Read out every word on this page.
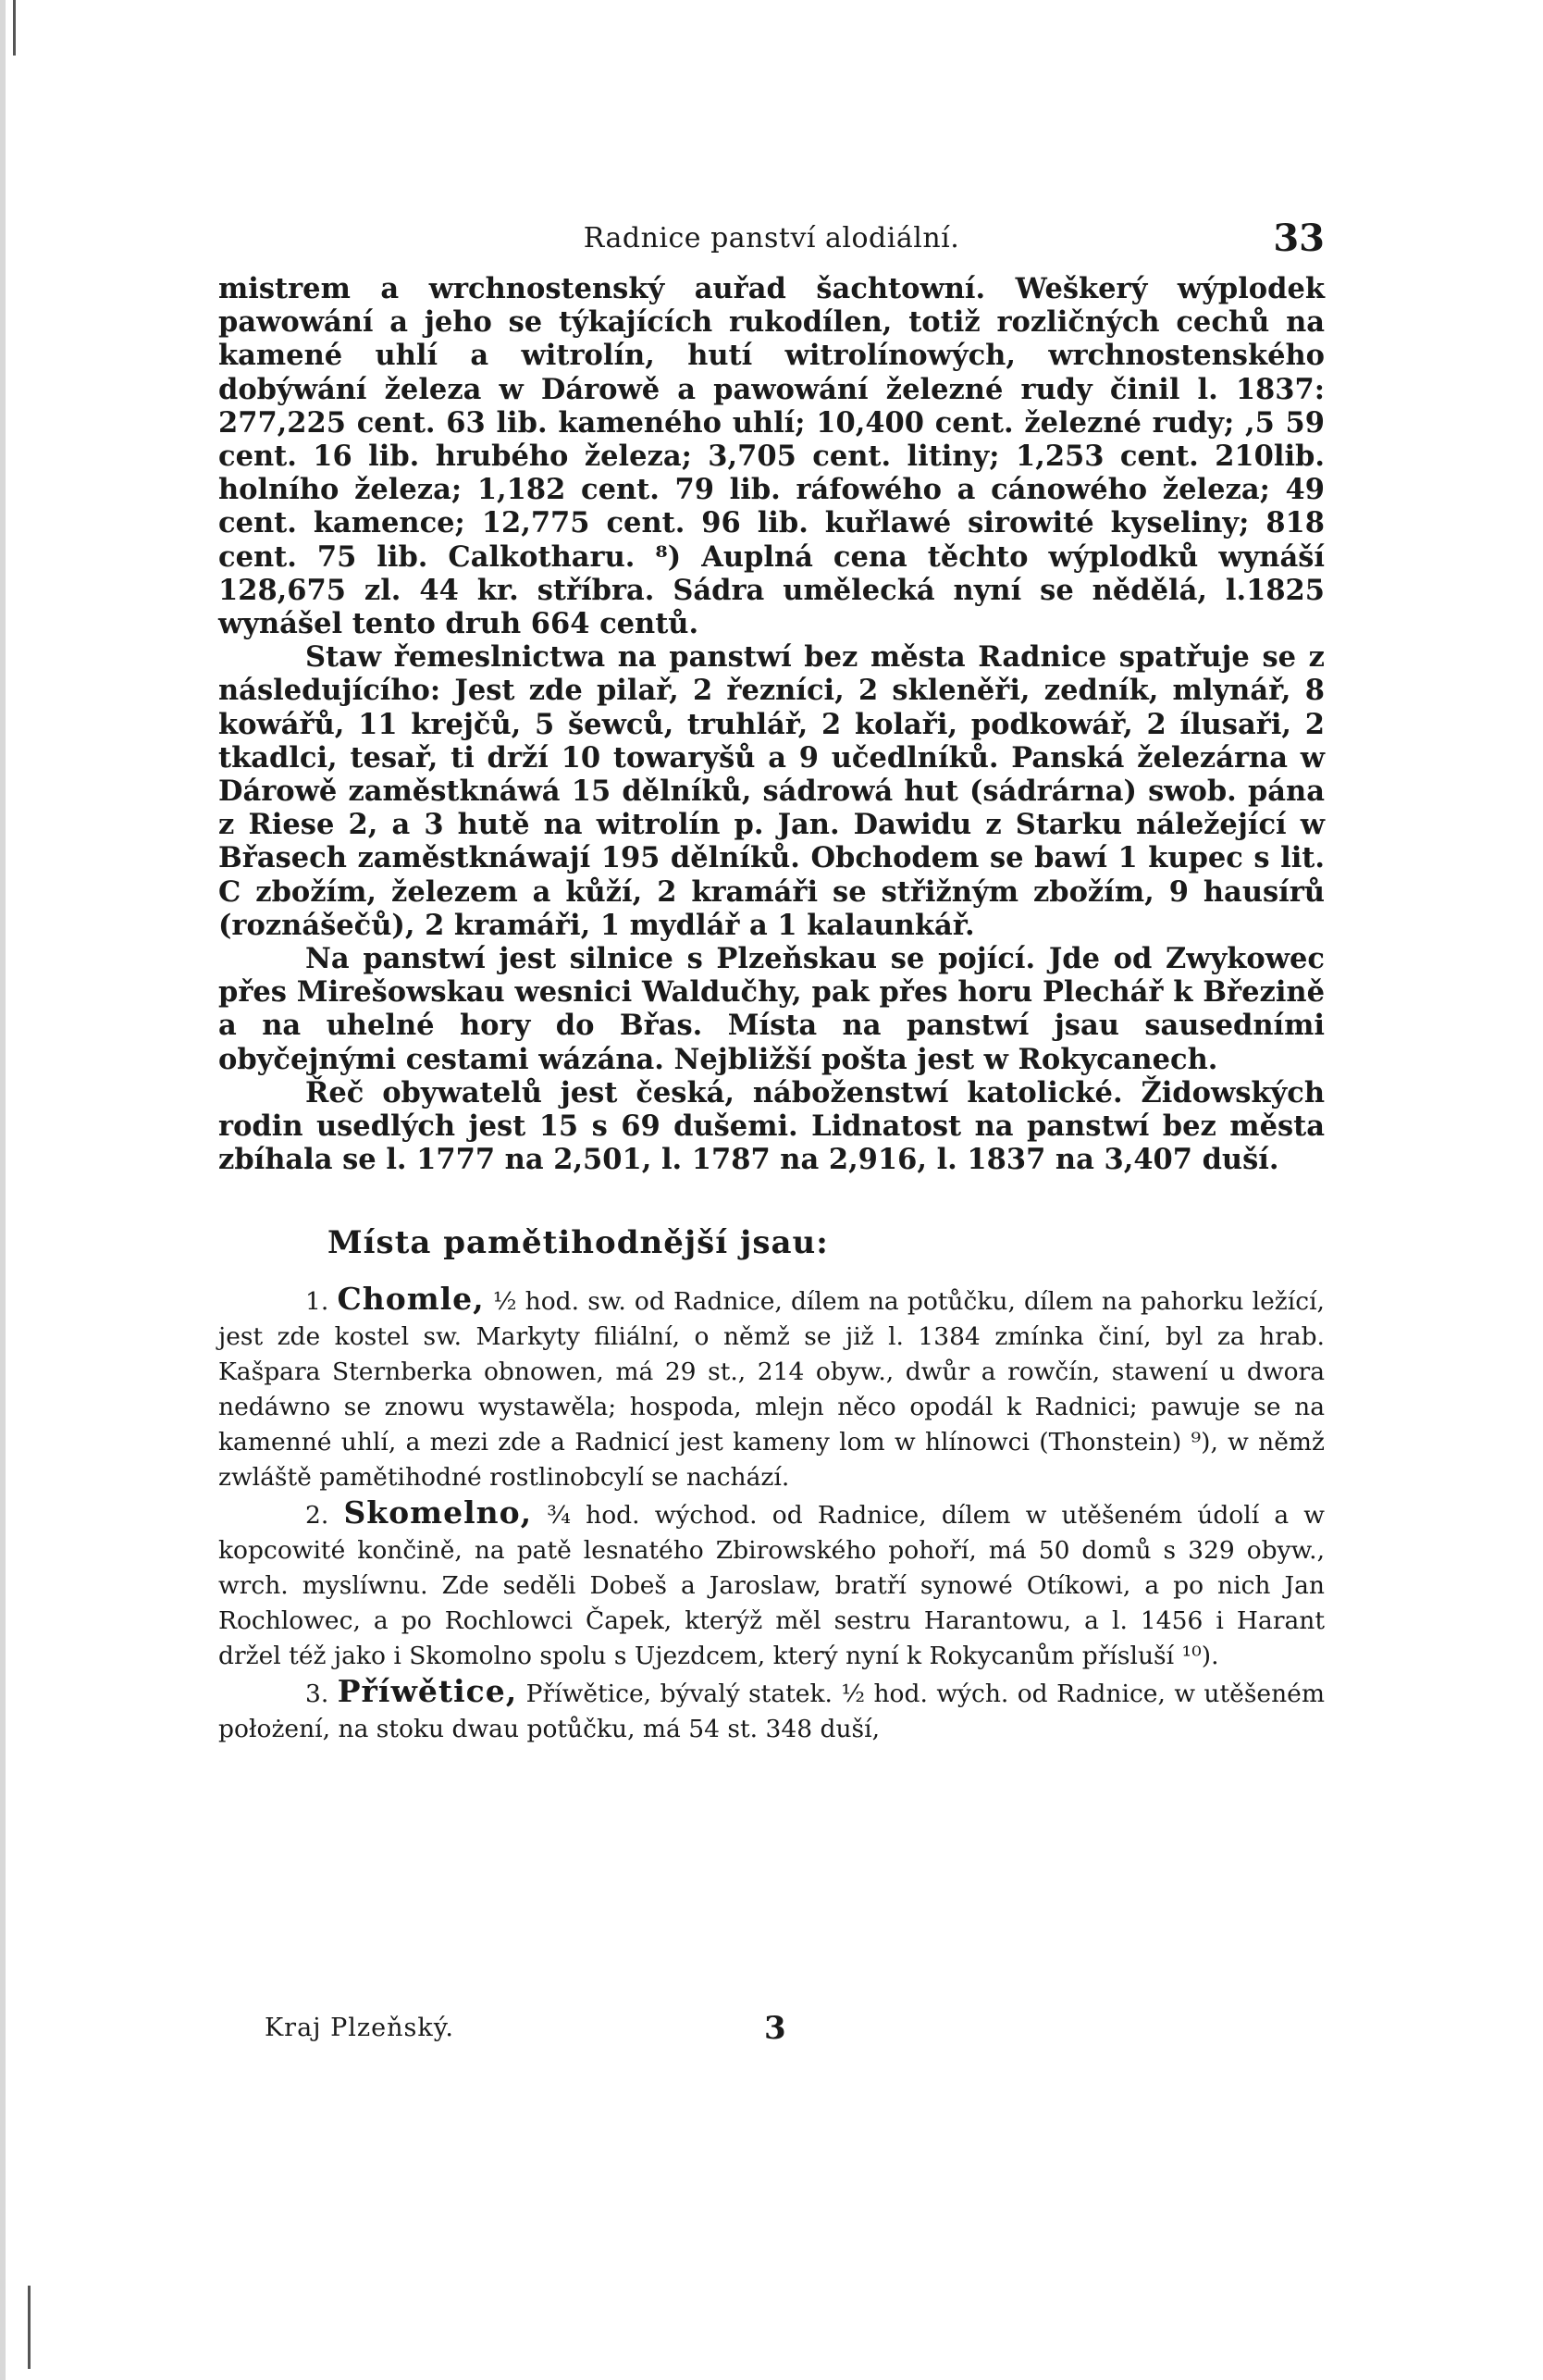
Radnice panství alodiální.	33

mistrem a wrchnostenský auřad šachtowní. Weškerý wýplodek pawowání a jeho se týkajících rukodílen, totiž rozličných cechů na kamené uhlí a witrolín, hutí witrolínowých, wrchnostenského dobýwání železa w Dárowě a pawowání železné rudy činil l. 1837: 277,225 cent. 63 lib. kameného uhlí; 10,400 cent. železné rudy; ,5 59 cent. 16 lib. hrubého železa; 3,705 cent. litiny; 1,253 cent. 210lib. holního železa; 1,182 cent. 79 lib. ráfowého a cánowého železa; 49 cent. kamence; 12,775 cent. 96 lib. kuřlawé sirowité kyseliny; 818 cent. 75 lib. Calkotharu. ⁸) Auplná cena těchto wýplodků wynáší 128,675 zl. 44 kr. stříbra. Sádra umělecká nyní se nědělá, l.1825 wynášel tento druh 664 centů.

Staw řemeslnictwa na panstwí bez města Radnice spatřuje se z následujícího: Jest zde pilař, 2 řezníci, 2 skleněři, zedník, mlynář, 8 kowářů, 11 krejčů, 5 šewců, truhlář, 2 kolaři, podkowář, 2 ílusaři, 2 tkadlci, tesař, ti drží 10 towaryšů a 9 učedlníků. Panská železárna w Dárowě zaměstknáwá 15 dělníků, sádrowá hut (sádrárna) swob. pána z Riese 2, a 3 hutě na witrolín p. Jan. Dawidu z Starku náležející w Břasech zaměstknáwají 195 dělníků. Obchodem se bawí 1 kupec s lit. C zbožím, železem a kůží, 2 kramáři se střižným zbožím, 9 hausírů (roznášečů), 2 kramáři, 1 mydlář a 1 kalaunkář.

Na panstwí jest silnice s Plzeňskau se pojící. Jde od Zwykowec přes Mirešowskau wesnici Waldučhy, pak přes horu Plechář k Březině a na uhelné hory do Břas. Místa na panstwí jsau sausedními obyčejnými cestami wázána. Nejbližší pošta jest w Rokycanech.

Řeč obywatelů jest česká, náboženstwí katolické. Židowských rodin usedlých jest 15 s 69 dušemi. Lidnatost na panstwí bez města zbíhala se l. 1777 na 2,501, l. 1787 na 2,916, l. 1837 na 3,407 duší.

Místa pamětihodnější jsau:

1. Chomle, ½ hod. sw. od Radnice, dílem na potůčku, dílem na pahorku ležící, jest zde kostel sw. Markyty filiální, o němž se již l. 1384 zmínka činí, byl za hrab. Kašpara Sternberka obnowen, má 29 st., 214 obyw., dwůr a rowčín, stawení u dwora nedáwno se znowu wystawěla; hospoda, mlejn něco opodál k Radnici; pawuje se na kamenné uhlí, a mezi zde a Radnicí jest kameny lom w hlínowci (Thonstein) ⁹), w němž zwláště pamětihodné rostlinobcylí se nachází.

2. Skomelno, ¾ hod. wýchod. od Radnice, dílem w utěšeném údolí a w kopcowité končině, na patě lesnatého Zbirowského pohoří, má 50 domů s 329 obyw., wrch. myslíwnu. Zde seděli Dobeš a Jaroslaw, bratří synowé Otíkowi, a po nich Jan Rochlowec, a po Rochlowci Čapek, kterýž měl sestru Harantowu, a l. 1456 i Harant držel též jako i Skomolno spolu s Ujezdcem, který nyní k Rokycanům přísluší ¹⁰).

3. Příwětice, Příwětice, bývalý statek. ½ hod. wých. od Radnice, w utěšeném położení, na stoku dwau potůčku, má 54 st. 348 duší,

Kraj Plzeňský.	3
